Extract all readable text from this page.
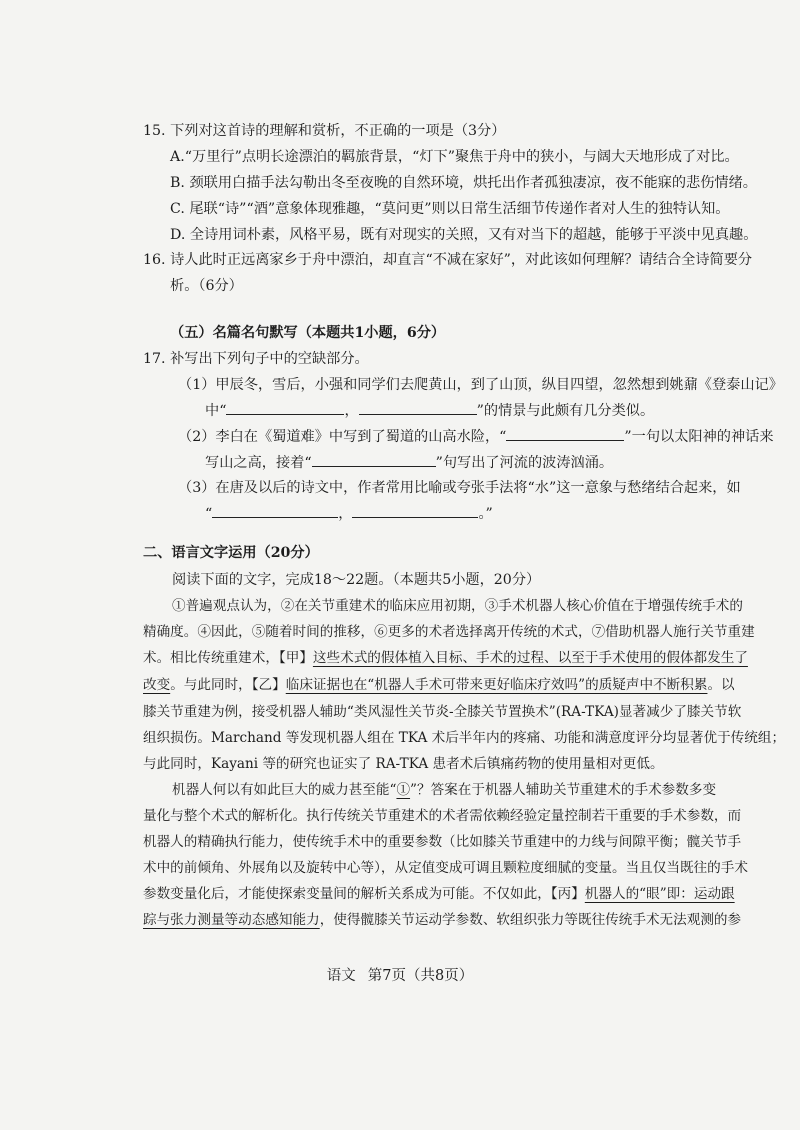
15. 下列对这首诗的理解和赏析，不正确的一项是（3分）
A.“万里行”点明长途漂泊的羁旅背景，“灯下”聚焦于舟中的狭小，与阔大天地形成了对比。
B. 颈联用白描手法勾勒出冬至夜晚的自然环境，烘托出作者孤独凄凉，夜不能寐的悲伤情绪。
C. 尾联“诗”“酒”意象体现雅趣，“莫问更”则以日常生活细节传递作者对人生的独特认知。
D. 全诗用词朴素，风格平易，既有对现实的关照，又有对当下的超越，能够于平淡中见真趣。
16. 诗人此时正远离家乡于舟中漂泊，却直言“不减在家好”，对此该如何理解？请结合全诗简要分
析。（6分）
（五）名篇名句默写（本题共1小题，6分）
17. 补写出下列句子中的空缺部分。
（1）甲辰冬，雪后，小强和同学们去爬黄山，到了山顶，纵目四望，忽然想到姚鼐《登泰山记》
中“	，	”的情景与此颇有几分类似。
（2）李白在《蜀道难》中写到了蜀道的山高水险，“	”一句以太阳神的神话来
写山之高，接着“	”句写出了河流的波涛汹涌。
（3）在唐及以后的诗文中，作者常用比喻或夸张手法将“水”这一意象与愁绪结合起来，如
“	，	。”
二、语言文字运用（20分）
阅读下面的文字，完成18～22题。（本题共5小题，20分）
①普遍观点认为，②在关节重建术的临床应用初期，③手术机器人核心价值在于增强传统手术的
精确度。④因此，⑤随着时间的推移，⑥更多的术者选择离开传统的术式，⑦借助机器人施行关节重建
术。相比传统重建术，【甲】这些术式的假体植入目标、手术的过程、以至于手术使用的假体都发生了
改变。与此同时，【乙】临床证据也在“机器人手术可带来更好临床疗效吗”的质疑声中不断积累。以
膝关节重建为例，接受机器人辅助“类风湿性关节炎-全膝关节置换术”(RA-TKA)显著减少了膝关节软
组织损伤。Marchand 等发现机器人组在 TKA 术后半年内的疼痛、功能和满意度评分均显著优于传统组；
与此同时，Kayani 等的研究也证实了 RA-TKA 患者术后镇痛药物的使用量相对更低。
机器人何以有如此巨大的威力甚至能“①”？答案在于机器人辅助关节重建术的手术参数多变
量化与整个术式的解析化。执行传统关节重建术的术者需依赖经验定量控制若干重要的手术参数，而
机器人的精确执行能力，使传统手术中的重要参数（比如膝关节重建中的力线与间隙平衡；髋关节手
术中的前倾角、外展角以及旋转中心等），从定值变成可调且颗粒度细腻的变量。当且仅当既往的手术
参数变量化后，才能使探索变量间的解析关系成为可能。不仅如此，【丙】机器人的“眼”即：运动跟
踪与张力测量等动态感知能力，使得髋膝关节运动学参数、软组织张力等既往传统手术无法观测的参
语文 第7页（共8页）
